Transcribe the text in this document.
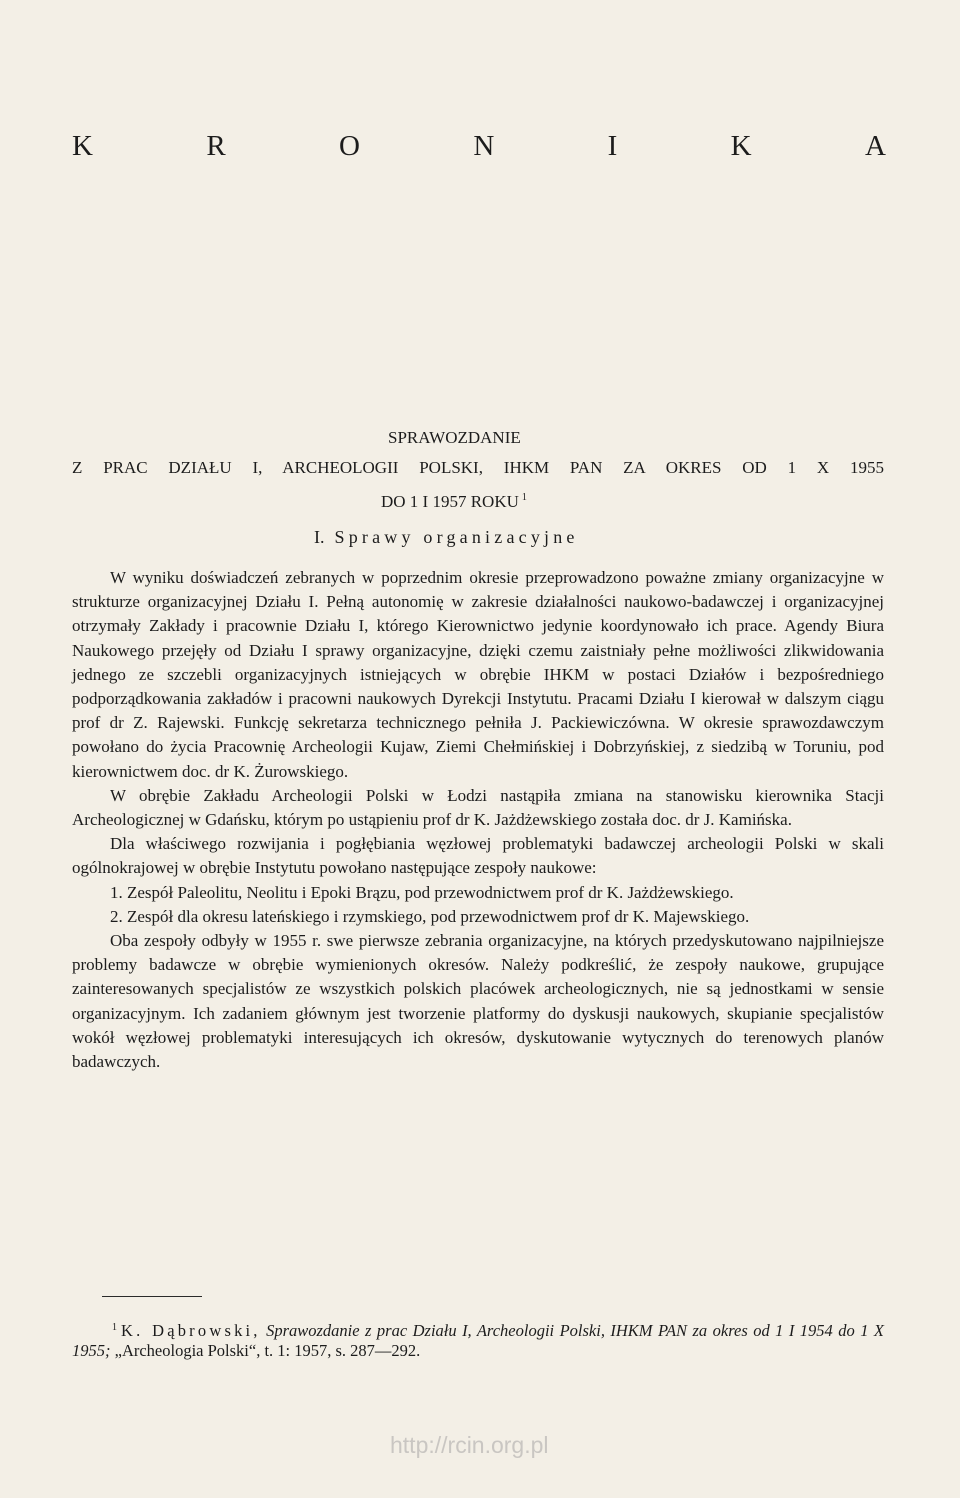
K	R	O	N	I	K	A
SPRAWOZDANIE
Z PRAC DZIAŁU I, ARCHEOLOGII POLSKI, IHKM PAN ZA OKRES OD 1 X 1955
DO 1 I 1957 ROKU $^1$
I. Sprawy organizacyjne

W wyniku doświadczeń zebranych w poprzednim okresie przeprowadzono poważne zmiany organizacyjne w strukturze organizacyjnej Działu I. Pełną autonomię w zakresie działalności naukowo-badawczej i organizacyjnej otrzymały Zakłady i pracownie Działu I, którego Kierownictwo jedynie koordynowało ich prace. Agendy Biura Naukowego przejęły od Działu I sprawy organizacyjne, dzięki czemu zaistniały pełne możliwości zlikwidowania jednego ze szczebli organizacyjnych istniejących w obrębie IHKM w postaci Działów i bezpośredniego podporządkowania zakładów i pracowni naukowych Dyrekcji Instytutu. Pracami Działu I kierował w dalszym ciągu prof dr Z. Rajewski. Funkcję sekretarza technicznego pełniła J. Packiewiczówna. W okresie sprawozdawczym powołano do życia Pracownię Archeologii Kujaw, Ziemi Chełmińskiej i Dobrzyńskiej, z siedzibą w Toruniu, pod kierownictwem doc. dr K. Żurowskiego.

W obrębie Zakładu Archeologii Polski w Łodzi nastąpiła zmiana na stanowisku kierownika Stacji Archeologicznej w Gdańsku, którym po ustąpieniu prof dr K. Jażdżewskiego została doc. dr J. Kamińska.

Dla właściwego rozwijania i pogłębiania węzłowej problematyki badawczej archeologii Polski w skali ogólnokrajowej w obrębie Instytutu powołano następujące zespoły naukowe:

1. Zespół Paleolitu, Neolitu i Epoki Brązu, pod przewodnictwem prof dr K. Jażdżewskiego.

2. Zespół dla okresu lateńskiego i rzymskiego, pod przewodnictwem prof dr K. Majewskiego.

Oba zespoły odbyły w 1955 r. swe pierwsze zebrania organizacyjne, na których przedyskutowano najpilniejsze problemy badawcze w obrębie wymienionych okresów. Należy podkreślić, że zespoły naukowe, grupujące zainteresowanych specjalistów ze wszystkich polskich placówek archeologicznych, nie są jednostkami w sensie organizacyjnym. Ich zadaniem głównym jest tworzenie platformy do dyskusji naukowych, skupianie specjalistów wokół węzłowej problematyki interesujących ich okresów, dyskutowanie wytycznych do terenowych planów badawczych.

$^1$ K. Dąbrowski, Sprawozdanie z prac Działu I, Archeologii Polski, IHKM PAN za okres od 1 I 1954 do 1 X 1955; „Archeologia Polski“, t. 1: 1957, s. 287—292.
http://rcin.org.pl
